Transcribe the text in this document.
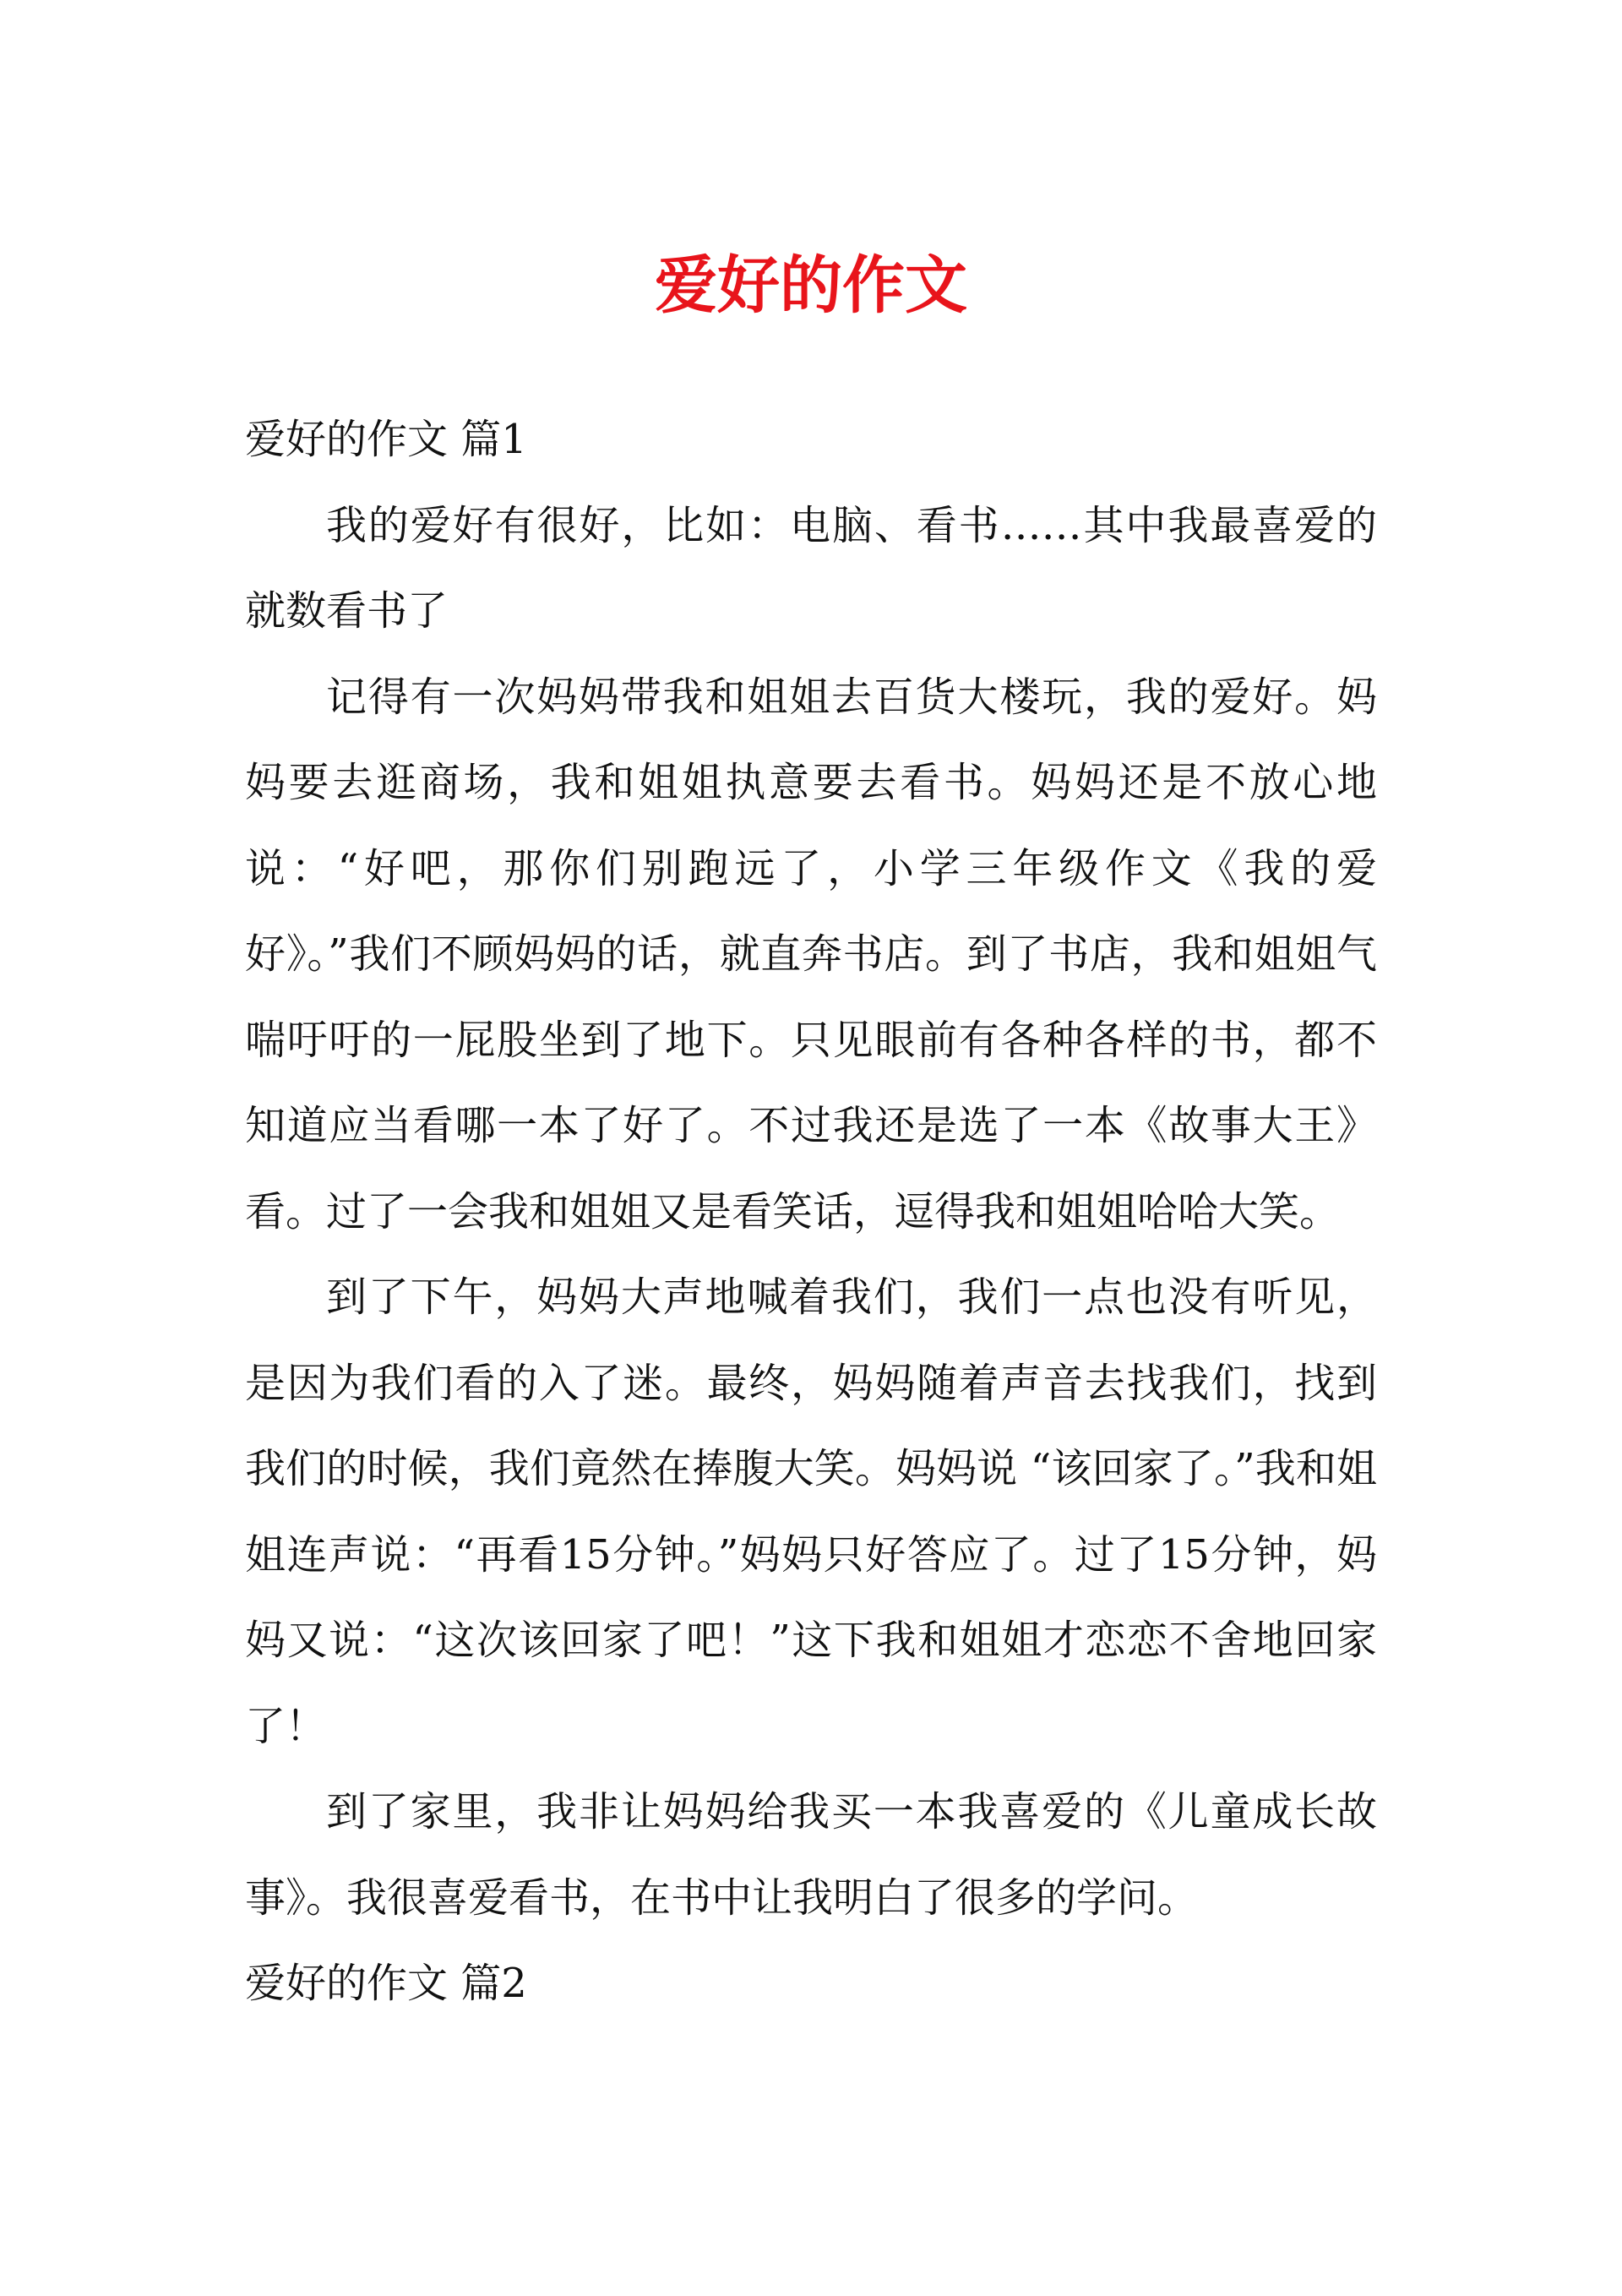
爱好的作文
爱好的作文 篇1

我的爱好有很好，比如：电脑、看书……其中我最喜爱的就数看书了

记得有一次妈妈带我和姐姐去百货大楼玩，我的爱好。妈妈要去逛商场，我和姐姐执意要去看书。妈妈还是不放心地说：“好吧，那你们别跑远了，小学三年级作文《我的爱好》。”我们不顾妈妈的话，就直奔书店。到了书店，我和姐姐气喘吁吁的一屁股坐到了地下。只见眼前有各种各样的书，都不知道应当看哪一本了好了。不过我还是选了一本《故事大王》看。过了一会我和姐姐又是看笑话，逗得我和姐姐哈哈大笑。

到了下午，妈妈大声地喊着我们，我们一点也没有听见，是因为我们看的入了迷。最终，妈妈随着声音去找我们，找到我们的时候，我们竟然在捧腹大笑。妈妈说 “该回家了。”我和姐姐连声说：“再看15分钟。”妈妈只好答应了。过了15分钟，妈妈又说：“这次该回家了吧！”这下我和姐姐才恋恋不舍地回家了！

到了家里，我非让妈妈给我买一本我喜爱的《儿童成长故事》。我很喜爱看书，在书中让我明白了很多的学问。

爱好的作文 篇2
